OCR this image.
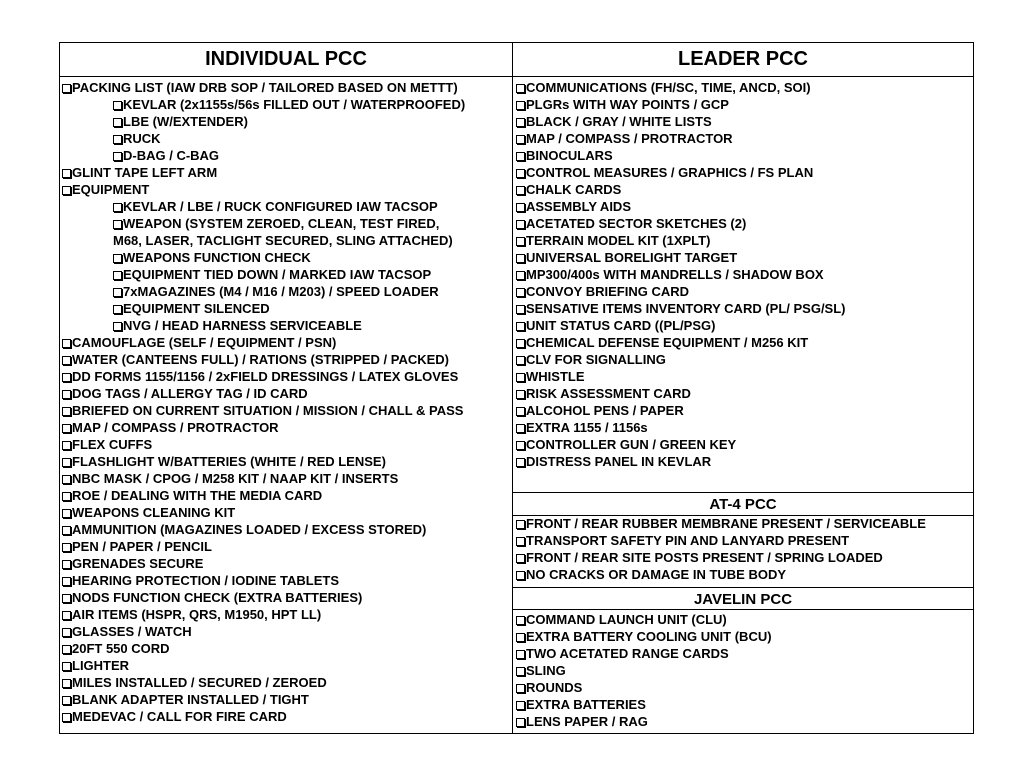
INDIVIDUAL PCC	LEADER PCC
PACKING LIST (IAW DRB SOP / TAILORED BASED ON METTT)
KEVLAR (2x1155s/56s FILLED OUT / WATERPROOFED)
LBE (W/EXTENDER)
RUCK
D-BAG / C-BAG
GLINT TAPE LEFT ARM
EQUIPMENT
KEVLAR / LBE / RUCK CONFIGURED IAW TACSOP
WEAPON (SYSTEM ZEROED, CLEAN, TEST FIRED,
M68, LASER, TACLIGHT SECURED, SLING ATTACHED)
WEAPONS FUNCTION CHECK
EQUIPMENT TIED DOWN / MARKED IAW TACSOP
7xMAGAZINES (M4 / M16 / M203) / SPEED LOADER
EQUIPMENT SILENCED
NVG / HEAD HARNESS SERVICEABLE
CAMOUFLAGE (SELF / EQUIPMENT / PSN)
WATER (CANTEENS FULL) / RATIONS (STRIPPED / PACKED)
DD FORMS 1155/1156 / 2xFIELD DRESSINGS / LATEX GLOVES
DOG TAGS / ALLERGY TAG / ID CARD
BRIEFED ON CURRENT SITUATION / MISSION / CHALL & PASS
MAP / COMPASS / PROTRACTOR
FLEX CUFFS
FLASHLIGHT W/BATTERIES (WHITE / RED LENSE)
NBC MASK / CPOG / M258 KIT / NAAP KIT / INSERTS
ROE / DEALING WITH THE MEDIA CARD
WEAPONS CLEANING KIT
AMMUNITION (MAGAZINES LOADED / EXCESS STORED)
PEN / PAPER / PENCIL
GRENADES SECURE
HEARING PROTECTION / IODINE TABLETS
NODS FUNCTION CHECK (EXTRA BATTERIES)
AIR ITEMS (HSPR, QRS, M1950, HPT LL)
GLASSES / WATCH
20FT 550 CORD
LIGHTER
MILES INSTALLED / SECURED / ZEROED
BLANK ADAPTER INSTALLED / TIGHT
MEDEVAC / CALL FOR FIRE CARD
COMMUNICATIONS (FH/SC, TIME, ANCD, SOI)
PLGRs WITH WAY POINTS / GCP
BLACK / GRAY / WHITE LISTS
MAP / COMPASS / PROTRACTOR
BINOCULARS
CONTROL MEASURES / GRAPHICS / FS PLAN
CHALK CARDS
ASSEMBLY AIDS
ACETATED SECTOR SKETCHES (2)
TERRAIN MODEL KIT (1XPLT)
UNIVERSAL BORELIGHT TARGET
MP300/400s WITH MANDRELLS / SHADOW BOX
CONVOY BRIEFING CARD
SENSATIVE ITEMS INVENTORY CARD (PL/ PSG/SL)
UNIT STATUS CARD ((PL/PSG)
CHEMICAL DEFENSE EQUIPMENT / M256 KIT
CLV FOR SIGNALLING
WHISTLE
RISK ASSESSMENT CARD
ALCOHOL PENS / PAPER
EXTRA 1155 / 1156s
CONTROLLER GUN / GREEN KEY
DISTRESS PANEL IN KEVLAR
AT-4 PCC
FRONT / REAR RUBBER MEMBRANE PRESENT / SERVICEABLE
TRANSPORT SAFETY PIN AND LANYARD PRESENT
FRONT / REAR SITE POSTS PRESENT / SPRING LOADED
NO CRACKS OR DAMAGE IN TUBE BODY
JAVELIN PCC
COMMAND LAUNCH UNIT (CLU)
EXTRA BATTERY COOLING UNIT (BCU)
TWO ACETATED RANGE CARDS
SLING
ROUNDS
EXTRA BATTERIES
LENS PAPER / RAG
